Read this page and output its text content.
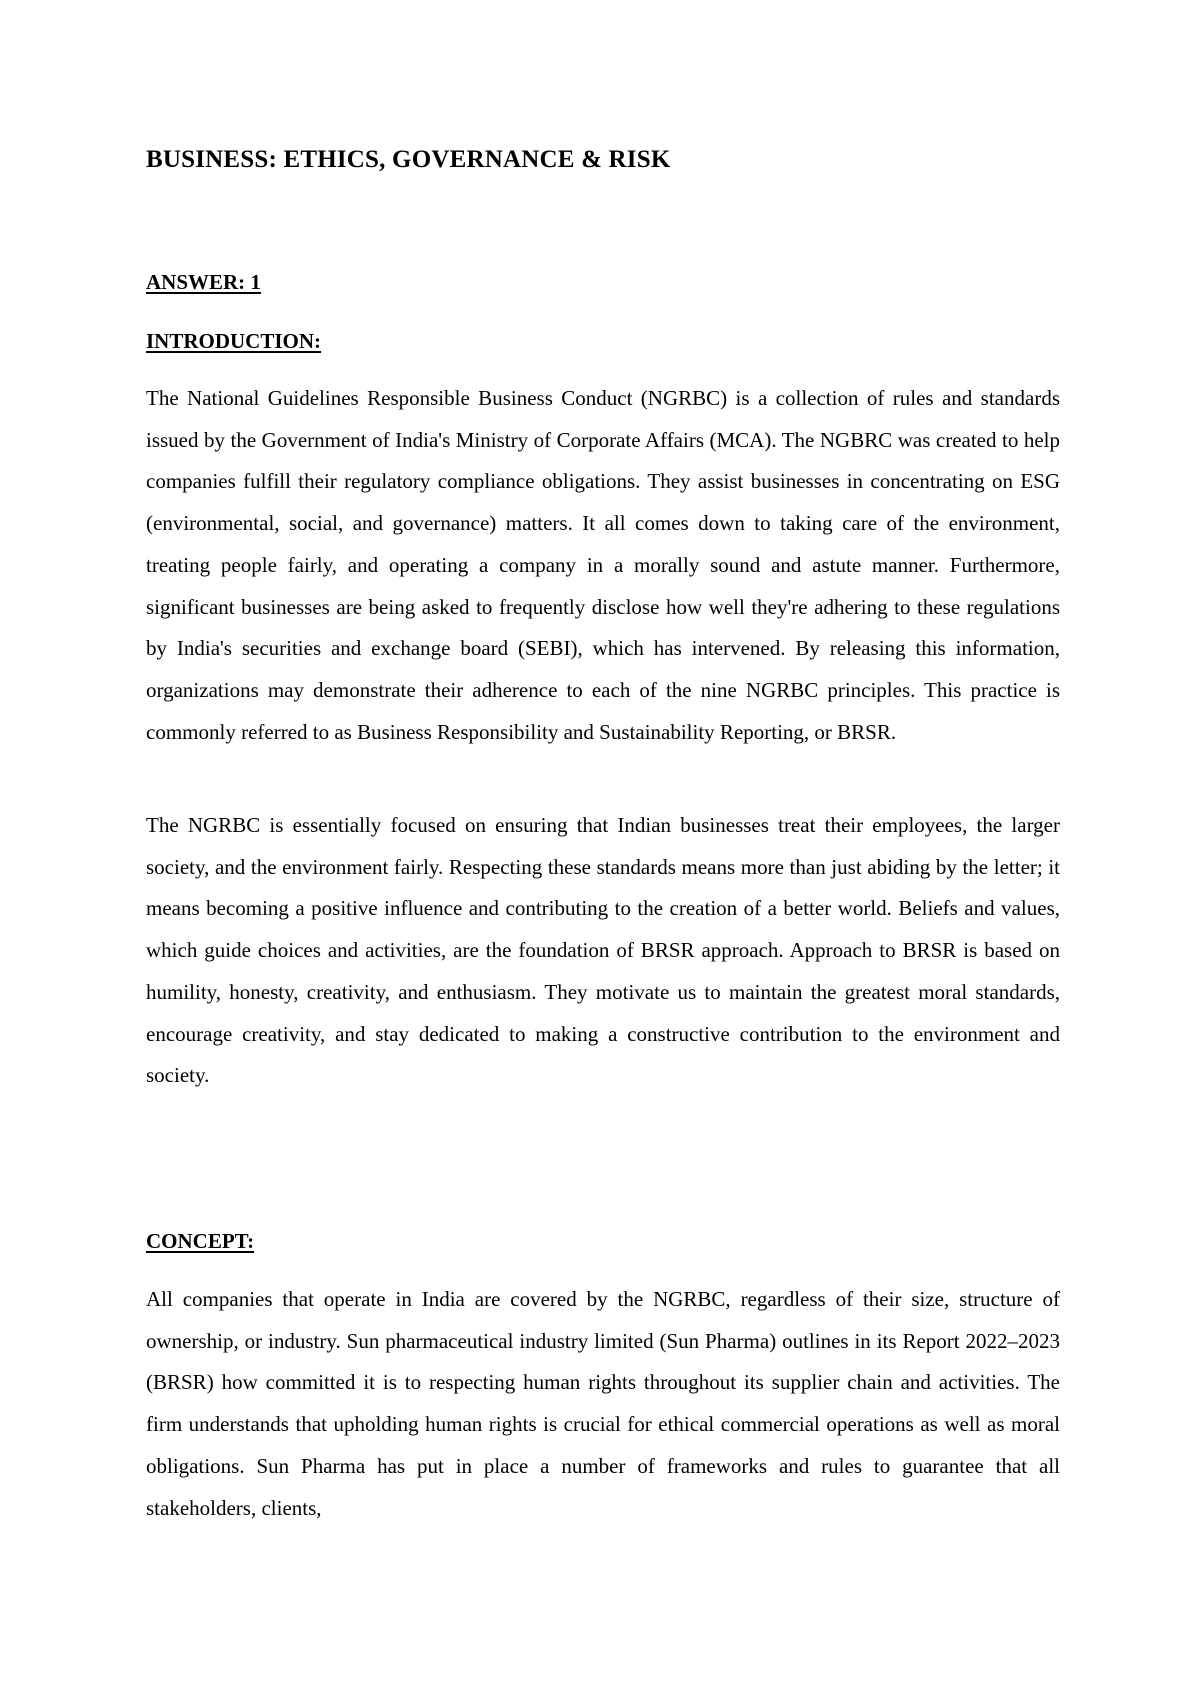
BUSINESS: ETHICS, GOVERNANCE & RISK
ANSWER: 1
INTRODUCTION:

The National Guidelines Responsible Business Conduct (NGRBC) is a collection of rules and standards issued by the Government of India's Ministry of Corporate Affairs (MCA). The NGBRC was created to help companies fulfill their regulatory compliance obligations. They assist businesses in concentrating on ESG (environmental, social, and governance) matters. It all comes down to taking care of the environment, treating people fairly, and operating a company in a morally sound and astute manner. Furthermore, significant businesses are being asked to frequently disclose how well they're adhering to these regulations by India's securities and exchange board (SEBI), which has intervened. By releasing this information, organizations may demonstrate their adherence to each of the nine NGRBC principles. This practice is commonly referred to as Business Responsibility and Sustainability Reporting, or BRSR.

The NGRBC is essentially focused on ensuring that Indian businesses treat their employees, the larger society, and the environment fairly. Respecting these standards means more than just abiding by the letter; it means becoming a positive influence and contributing to the creation of a better world. Beliefs and values, which guide choices and activities, are the foundation of BRSR approach. Approach to BRSR is based on humility, honesty, creativity, and enthusiasm. They motivate us to maintain the greatest moral standards, encourage creativity, and stay dedicated to making a constructive contribution to the environment and society.

CONCEPT:

All companies that operate in India are covered by the NGRBC, regardless of their size, structure of ownership, or industry. Sun pharmaceutical industry limited (Sun Pharma) outlines in its Report 2022–2023 (BRSR) how committed it is to respecting human rights throughout its supplier chain and activities. The firm understands that upholding human rights is crucial for ethical commercial operations as well as moral obligations. Sun Pharma has put in place a number of frameworks and rules to guarantee that all stakeholders, clients,
